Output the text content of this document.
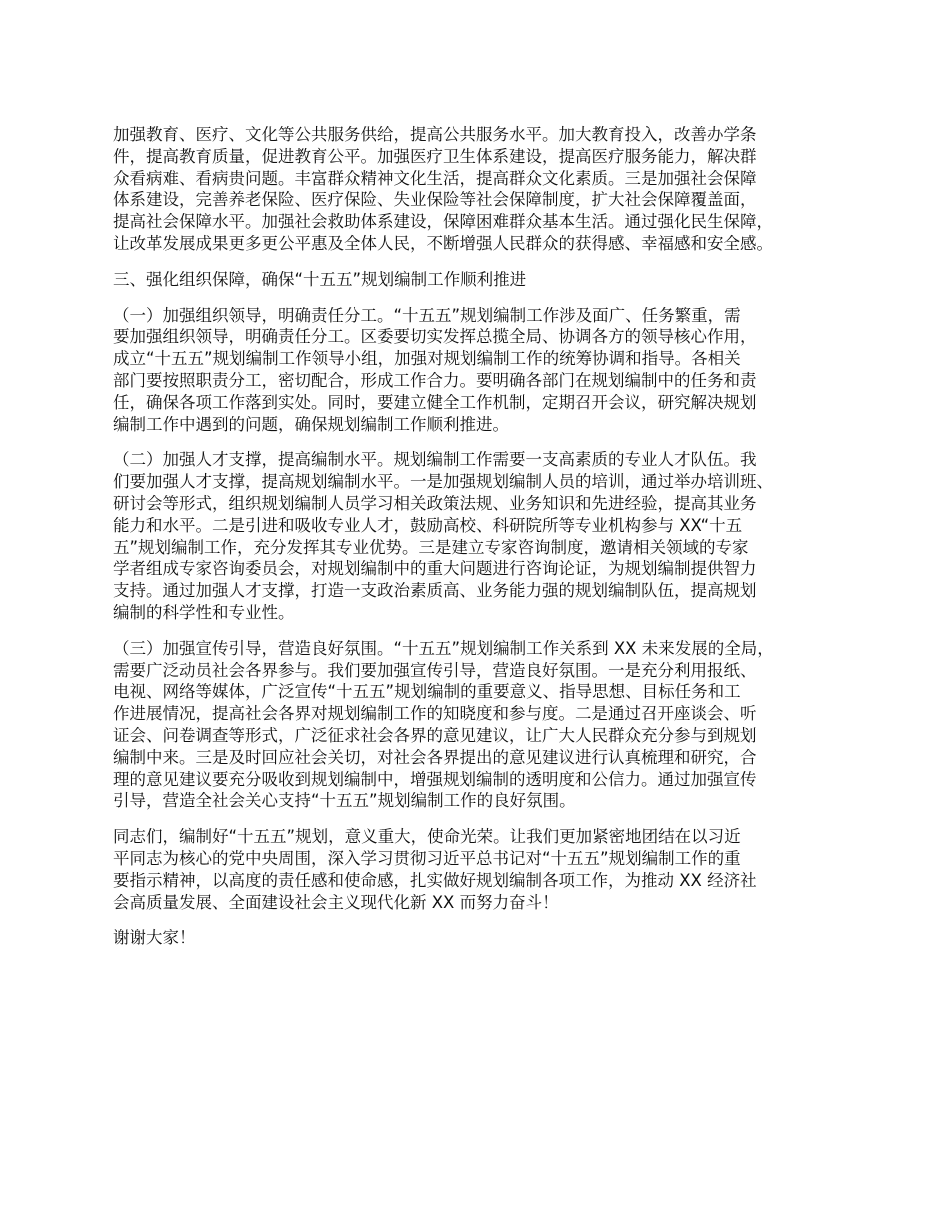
加强教育、医疗、文化等公共服务供给，提高公共服务水平。加大教育投入，改善办学条
件，提高教育质量，促进教育公平。加强医疗卫生体系建设，提高医疗服务能力，解决群
众看病难、看病贵问题。丰富群众精神文化生活，提高群众文化素质。三是加强社会保障
体系建设，完善养老保险、医疗保险、失业保险等社会保障制度，扩大社会保障覆盖面，
提高社会保障水平。加强社会救助体系建设，保障困难群众基本生活。通过强化民生保障，
让改革发展成果更多更公平惠及全体人民，不断增强人民群众的获得感、幸福感和安全感。

三、强化组织保障，确保“十五五”规划编制工作顺利推进

（一）加强组织领导，明确责任分工。“十五五”规划编制工作涉及面广、任务繁重，需
要加强组织领导，明确责任分工。区委要切实发挥总揽全局、协调各方的领导核心作用，
成立“十五五”规划编制工作领导小组，加强对规划编制工作的统筹协调和指导。各相关
部门要按照职责分工，密切配合，形成工作合力。要明确各部门在规划编制中的任务和责
任，确保各项工作落到实处。同时，要建立健全工作机制，定期召开会议，研究解决规划
编制工作中遇到的问题，确保规划编制工作顺利推进。

（二）加强人才支撑，提高编制水平。规划编制工作需要一支高素质的专业人才队伍。我
们要加强人才支撑，提高规划编制水平。一是加强规划编制人员的培训，通过举办培训班、
研讨会等形式，组织规划编制人员学习相关政策法规、业务知识和先进经验，提高其业务
能力和水平。二是引进和吸收专业人才，鼓励高校、科研院所等专业机构参与 XX“十五
五”规划编制工作，充分发挥其专业优势。三是建立专家咨询制度，邀请相关领域的专家
学者组成专家咨询委员会，对规划编制中的重大问题进行咨询论证，为规划编制提供智力
支持。通过加强人才支撑，打造一支政治素质高、业务能力强的规划编制队伍，提高规划
编制的科学性和专业性。

（三）加强宣传引导，营造良好氛围。“十五五”规划编制工作关系到 XX 未来发展的全局，
需要广泛动员社会各界参与。我们要加强宣传引导，营造良好氛围。一是充分利用报纸、
电视、网络等媒体，广泛宣传“十五五”规划编制的重要意义、指导思想、目标任务和工
作进展情况，提高社会各界对规划编制工作的知晓度和参与度。二是通过召开座谈会、听
证会、问卷调查等形式，广泛征求社会各界的意见建议，让广大人民群众充分参与到规划
编制中来。三是及时回应社会关切，对社会各界提出的意见建议进行认真梳理和研究，合
理的意见建议要充分吸收到规划编制中，增强规划编制的透明度和公信力。通过加强宣传
引导，营造全社会关心支持“十五五”规划编制工作的良好氛围。

同志们，编制好“十五五”规划，意义重大，使命光荣。让我们更加紧密地团结在以习近
平同志为核心的党中央周围，深入学习贯彻习近平总书记对“十五五”规划编制工作的重
要指示精神，以高度的责任感和使命感，扎实做好规划编制各项工作，为推动 XX 经济社
会高质量发展、全面建设社会主义现代化新 XX 而努力奋斗！

谢谢大家！
